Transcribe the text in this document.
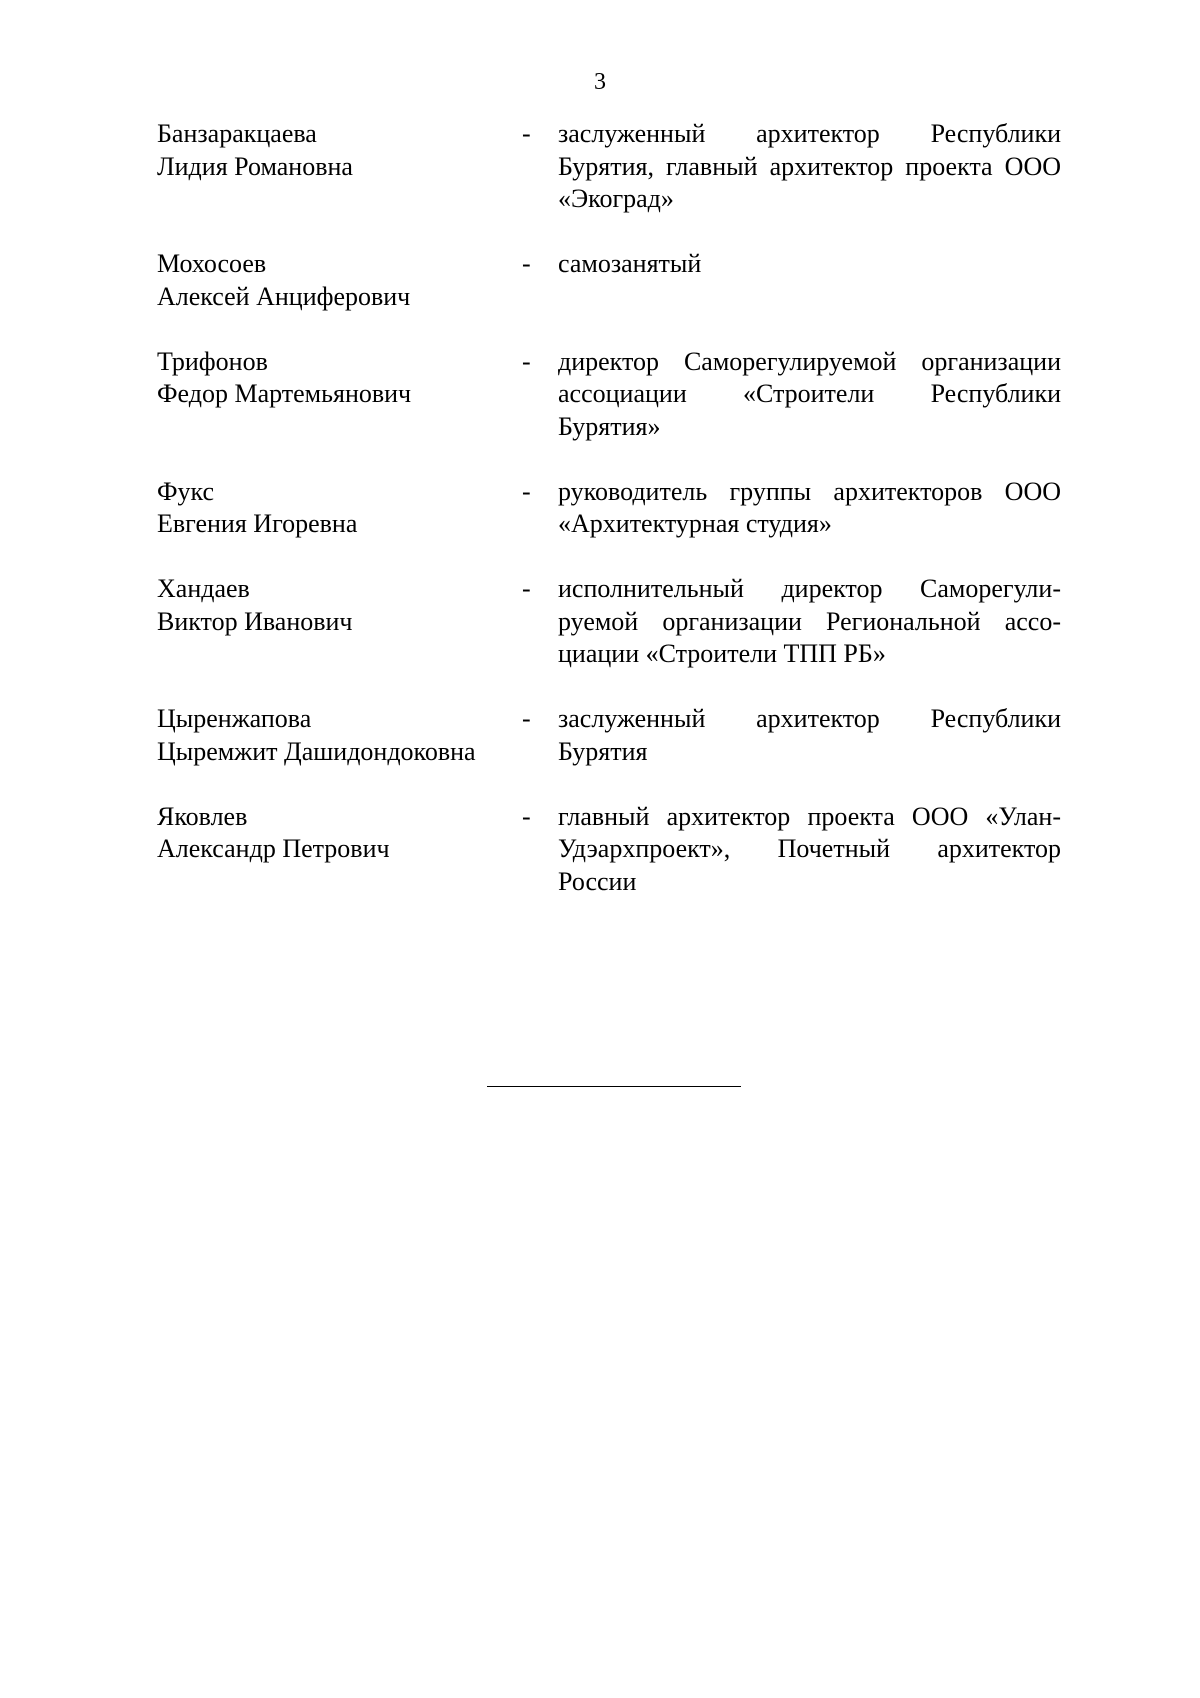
3
Банзаракцаева
Лидия Романовна
-	заслуженный архитектор Республики Бурятия, главный архитектор проекта ООО «Экоград»
Мохосоев
Алексей Анциферович
-	самозанятый
Трифонов
Федор Мартемьянович
-	директор Саморегулируемой организации ассоциации «Строители Республики Бурятия»
Фукс
Евгения Игоревна
-	руководитель группы архитекторов ООО «Архитектурная студия»
Хандаев
Виктор Иванович
-	исполнительный директор Саморегулируемой организации Региональной ассоциации «Строители ТПП РБ»
Цыренжапова
Цыремжит Дашидондоковна
-	заслуженный архитектор Республики Бурятия
Яковлев
Александр Петрович
-	главный архитектор проекта ООО «Улан-Удэархпроект», Почетный архитектор России
